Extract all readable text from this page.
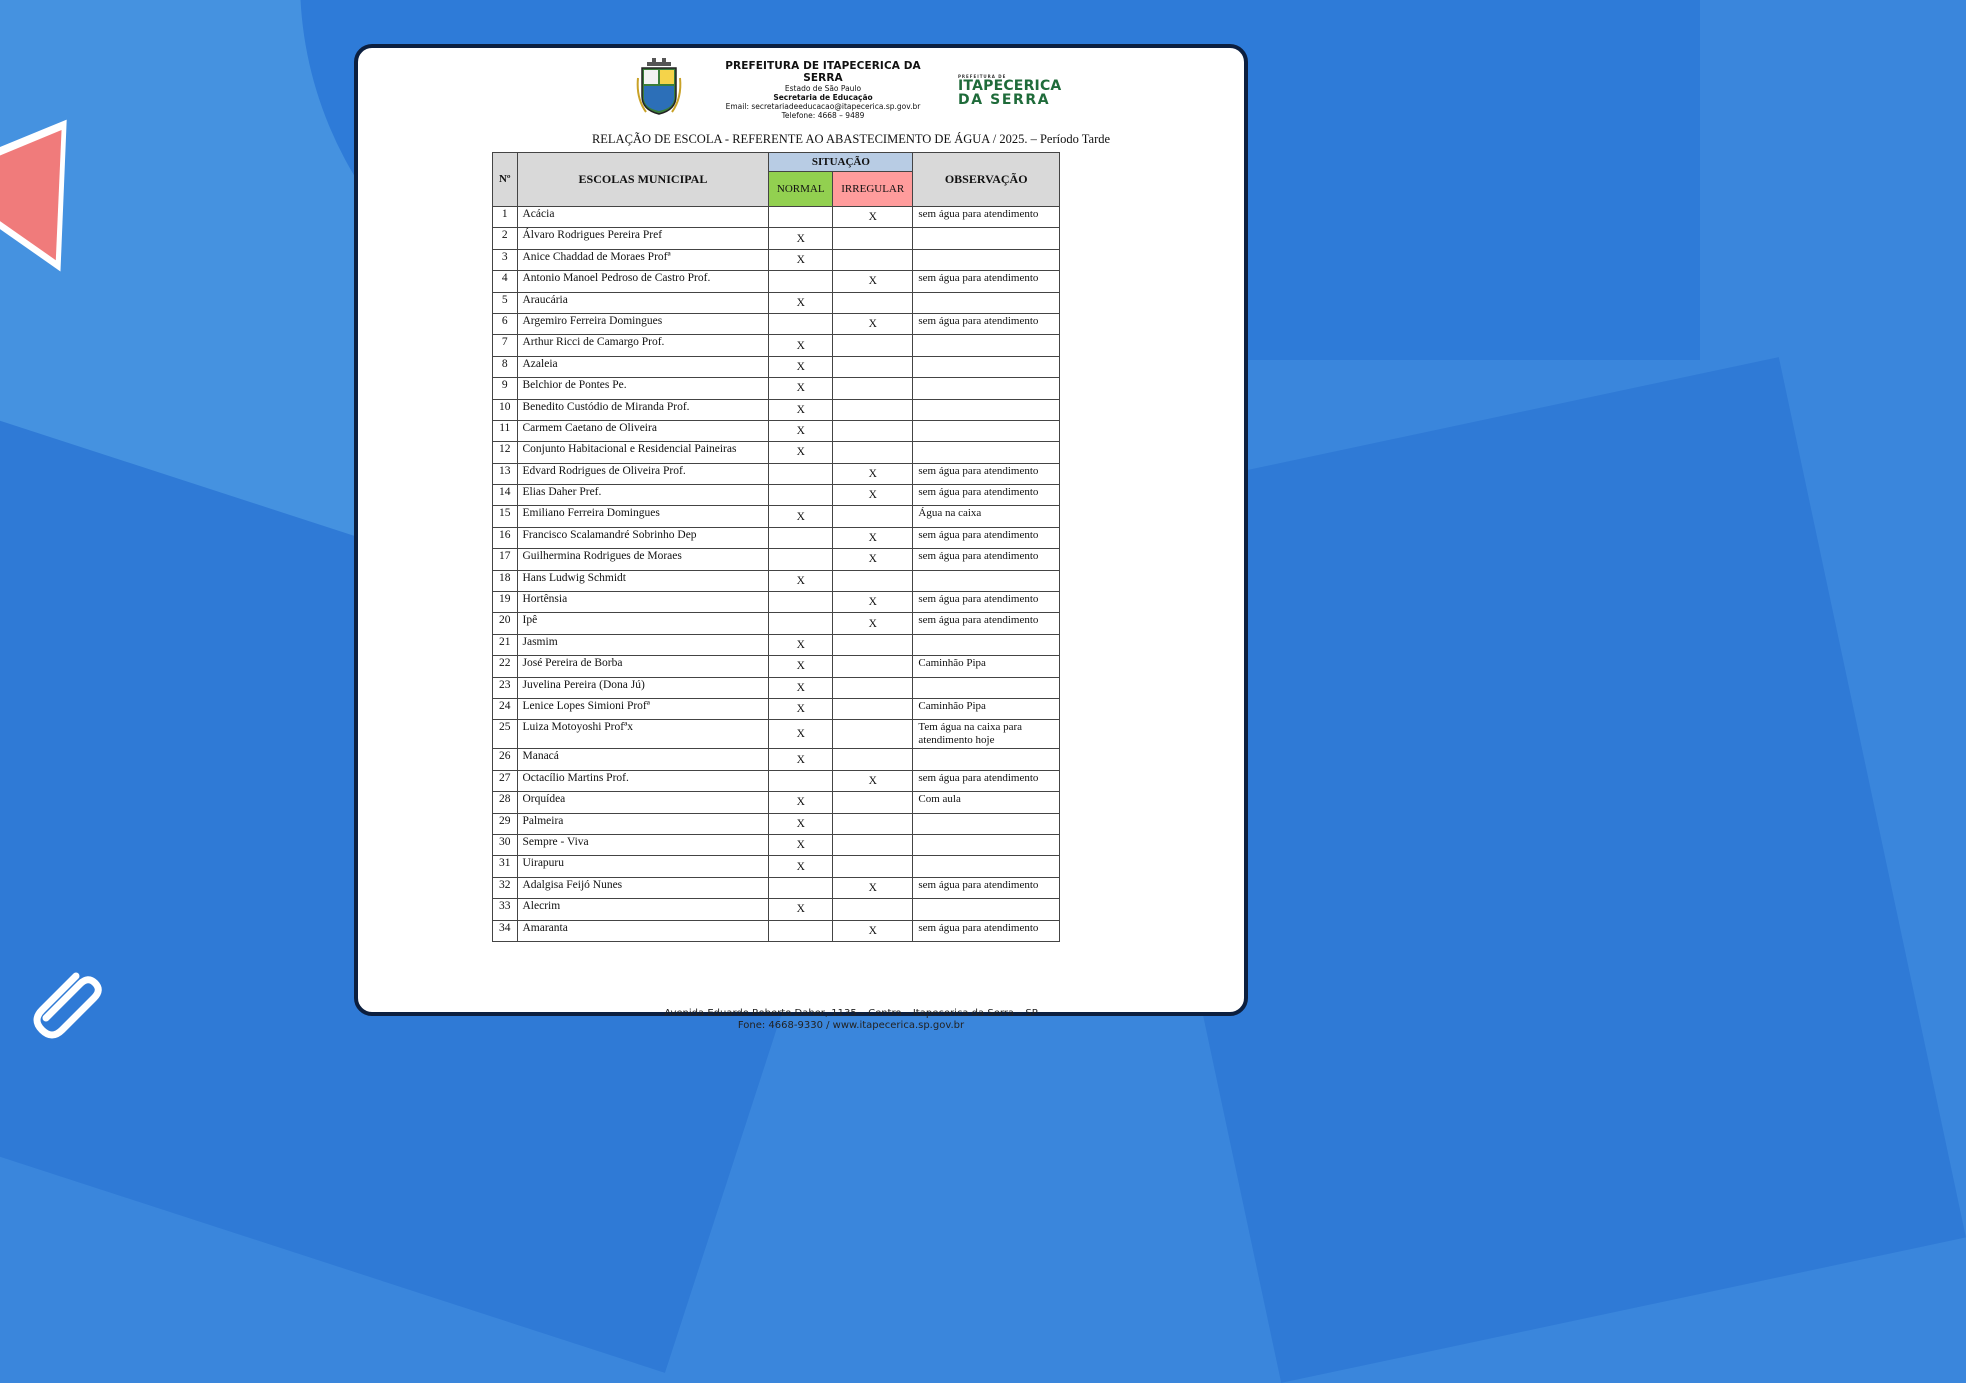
PREFEITURA DE ITAPECERICA DA SERRA
Estado de São Paulo
Secretaria de Educação
Email: secretariadeeducacao@itapecerica.sp.gov.br
Telefone: 4668 – 9489
PREFEITURA DE
ITAPECERICA
DA SERRA
RELAÇÃO DE ESCOLA - REFERENTE AO ABASTECIMENTO DE ÁGUA / 2025. – Período Tarde
Nº	ESCOLAS MUNICIPAL	SITUAÇÃO		OBSERVAÇÃO
		NORMAL	IRREGULAR	
1	Acácia		X	sem água para atendimento
2	Álvaro Rodrigues Pereira Pref	X		
3	Anice Chaddad de Moraes Profª	X		
4	Antonio Manoel Pedroso de Castro Prof.		X	sem água para atendimento
5	Araucária	X		
6	Argemiro Ferreira Domingues		X	sem água para atendimento
7	Arthur Ricci de Camargo Prof.	X		
8	Azaleia	X		
9	Belchior de Pontes Pe.	X		
10	Benedito Custódio de Miranda Prof.	X		
11	Carmem Caetano de Oliveira	X		
12	Conjunto Habitacional e Residencial Paineiras	X		
13	Edvard Rodrigues de Oliveira Prof.		X	sem água para atendimento
14	Elias Daher Pref.		X	sem água para atendimento
15	Emiliano Ferreira Domingues	X		Água na caixa
16	Francisco Scalamandré Sobrinho Dep		X	sem água para atendimento
17	Guilhermina Rodrigues de Moraes		X	sem água para atendimento
18	Hans Ludwig Schmidt	X		
19	Hortênsia		X	sem água para atendimento
20	Ipê		X	sem água para atendimento
21	Jasmim	X		
22	José Pereira de Borba	X		Caminhão Pipa
23	Juvelina Pereira (Dona Jú)	X		
24	Lenice Lopes Simioni Profª	X		Caminhão Pipa
25	Luiza Motoyoshi Profªx	X		Tem água na caixa para atendimento hoje
26	Manacá	X		
27	Octacílio Martins Prof.		X	sem água para atendimento
28	Orquídea	X		Com aula
29	Palmeira	X		
30	Sempre - Viva	X		
31	Uirapuru	X		
32	Adalgisa Feijó Nunes		X	sem água para atendimento
33	Alecrim	X		
34	Amaranta		X	sem água para atendimento
Avenida Eduardo Roberto Daher, 1135 – Centro – Itapecerica da Serra – SP
Fone: 4668-9330 / www.itapecerica.sp.gov.br
